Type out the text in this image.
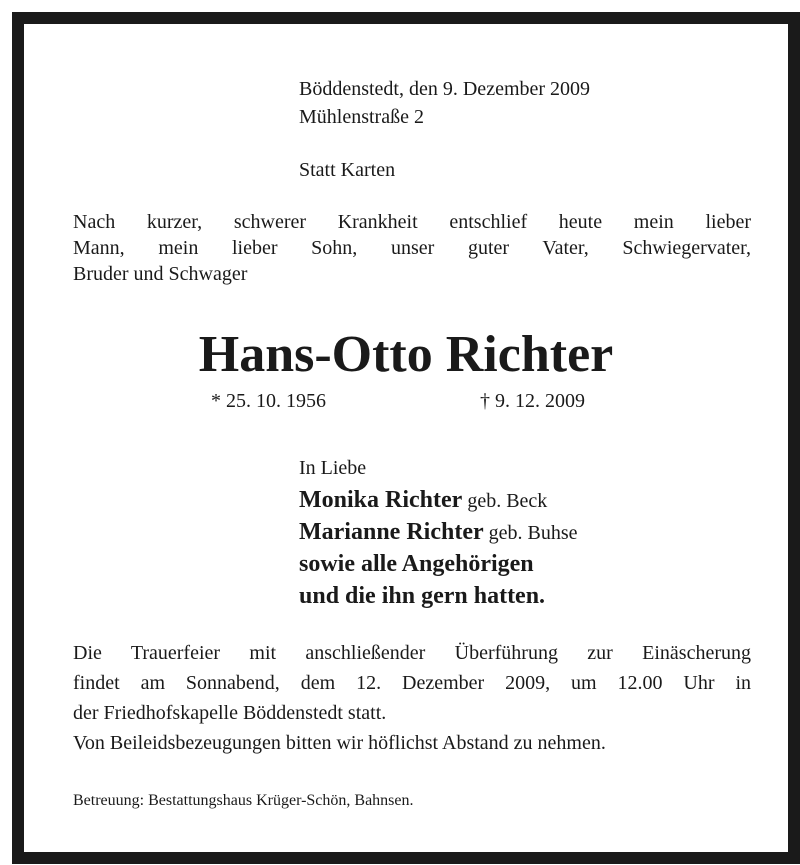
Böddenstedt, den 9. Dezember 2009
Mühlenstraße 2
Statt Karten
Nach kurzer, schwerer Krankheit entschlief heute mein lieber
Mann, mein lieber Sohn, unser guter Vater, Schwiegervater,
Bruder und Schwager
Hans-Otto Richter
* 25. 10. 1956	† 9. 12. 2009
In Liebe
Monika Richter geb. Beck
Marianne Richter geb. Buhse
sowie alle Angehörigen
und die ihn gern hatten.
Die Trauerfeier mit anschließender Überführung zur Einäscherung
findet am Sonnabend, dem 12. Dezember 2009, um 12.00 Uhr in
der Friedhofskapelle Böddenstedt statt.
Von Beileidsbezeugungen bitten wir höflichst Abstand zu nehmen.
Betreuung: Bestattungshaus Krüger-Schön, Bahnsen.
